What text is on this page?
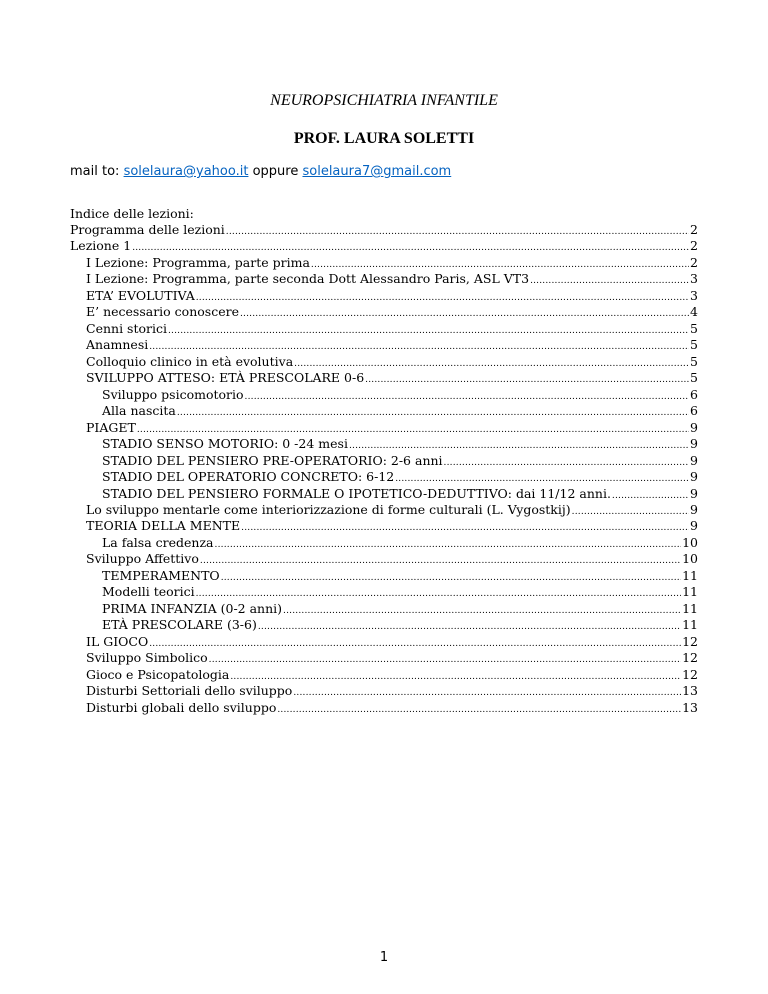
NEUROPSICHIATRIA INFANTILE
PROF. LAURA SOLETTI
mail to: solelaura@yahoo.it oppure solelaura7@gmail.com
Indice delle lezioni:
Programma delle lezioni .....	2
Lezione 1 .....	2
I Lezione: Programma, parte prima .....	2
I Lezione: Programma, parte seconda Dott Alessandro Paris, ASL VT3 .....	3
ETA’ EVOLUTIVA .....	3
E’ necessario conoscere .....	4
Cenni storici .....	5
Anamnesi .....	5
Colloquio clinico in età evolutiva .....	5
SVILUPPO ATTESO: ETÀ PRESCOLARE 0-6 .....	5
Sviluppo psicomotorio .....	6
Alla nascita .....	6
PIAGET .....	9
STADIO SENSO MOTORIO: 0 -24 mesi .....	9
STADIO DEL PENSIERO PRE-OPERATORIO: 2-6 anni .....	9
STADIO DEL OPERATORIO CONCRETO: 6-12 .....	9
STADIO DEL PENSIERO FORMALE O IPOTETICO-DEDUTTIVO: dai 11/12 anni. .....	9
Lo sviluppo mentarle come interiorizzazione di forme culturali (L. Vygostkij) .....	9
TEORIA DELLA MENTE .....	9
La falsa credenza .....	10
Sviluppo Affettivo .....	10
TEMPERAMENTO .....	11
Modelli teorici .....	11
PRIMA INFANZIA (0-2 anni) .....	11
ETÀ PRESCOLARE (3-6) .....	11
IL GIOCO .....	12
Sviluppo Simbolico .....	12
Gioco e Psicopatologia .....	12
Disturbi Settoriali dello sviluppo .....	13
Disturbi globali dello sviluppo .....	13
1
